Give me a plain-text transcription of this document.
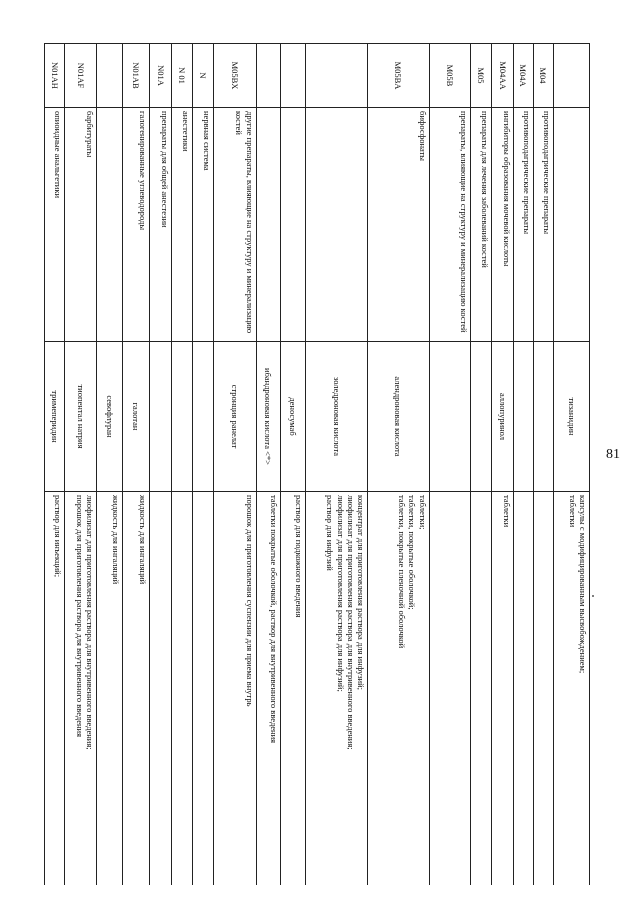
		тизанидин	капсулы с модифицированным высвобождением;
таблетки

M04	противоподагрические препараты		
M04A	противоподагрические препараты		
M04AA	ингибиторы образования мочевой кислоты	аллопуринол	таблетки

M05	препараты для лечения заболеваний костей		
M05B	препараты, влияющие на структуру и минерализацию костей		
M05BA	бифосфонаты	алендроновая кислота	таблетки;
таблетки, покрытые оболочкой;
таблетки, покрытые пленочной оболочкой

		золедроновая кислота	концентрат для приготовления раствора для инфузий;
лиофилизат для приготовления раствора для внутривенного введения;
лиофилизат для приготовления раствора для инфузий;
раствор для инфузий

		деносумаб	раствор для подкожного введения

		ибандроновая кислота <*>	таблетки покрытые оболочкой, раствор для внутривенного введения

M05BX	другие препараты, влияющие на структуру и минерализацию костей	стронция ранелат	порошок для приготовления суспензии для приема внутрь

N	нервная система		
N 01	анестетики		
N01A	препараты для общей анестезии		
N01AB	галогенированные углеводороды	галотан	жидкость для ингаляций

		севофлуран	жидкость для ингаляций

N01AF	барбитураты	тиопентал натрия	лиофилизат для приготовления раствора для внутривенного введения;
порошок для приготовления раствора для внутривенного введения

N01AH	опиоидные анальгетики	тримеперидин	раствор для инъекций;
81
